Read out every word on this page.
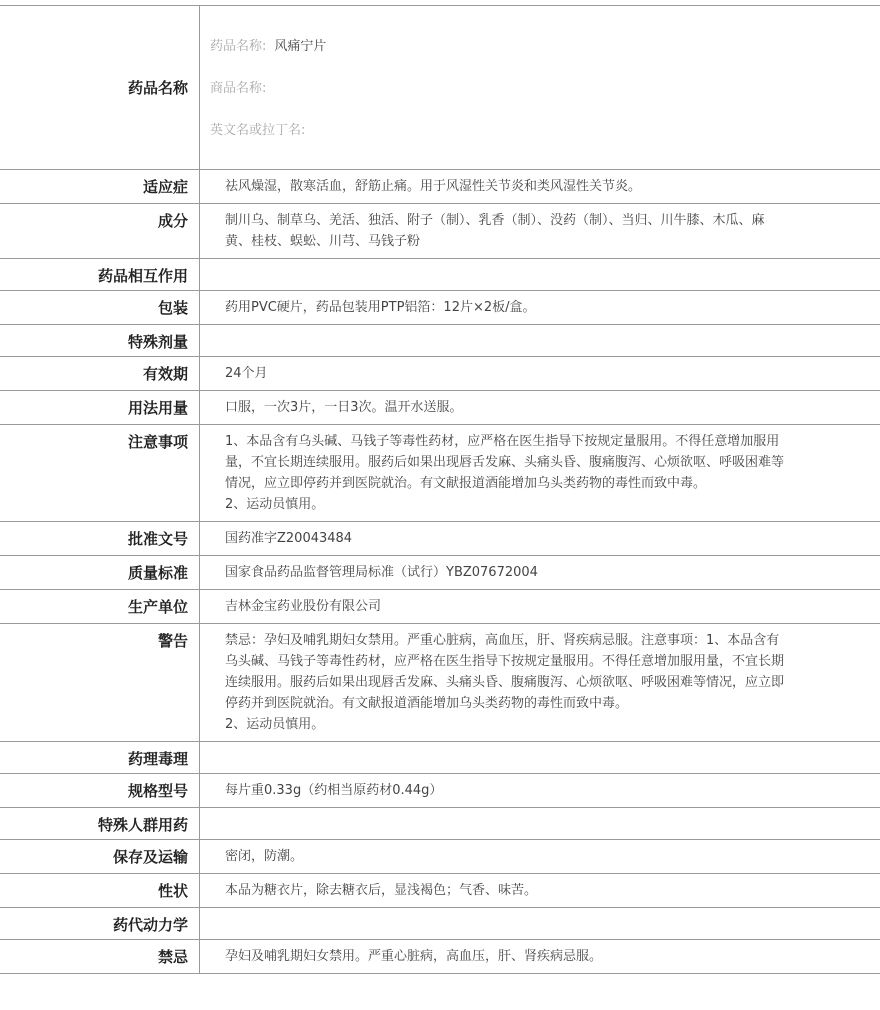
药品名称

药品名称: 风痛宁片

商品名称:

英文名或拉丁名:

适应症	祛风燥湿，散寒活血，舒筋止痛。用于风湿性关节炎和类风湿性关节炎。
成分	制川乌、制草乌、羌活、独活、附子（制）、乳香（制）、没药（制）、当归、川牛膝、木瓜、麻黄、桂枝、蜈蚣、川芎、马钱子粉
药品相互作用
包装	药用PVC硬片，药品包装用PTP铝箔：12片×2板/盒。
特殊剂量
有效期	24个月
用法用量	口服，一次3片，一日3次。温开水送服。
注意事项	1、本品含有乌头碱、马钱子等毒性药材，应严格在医生指导下按规定量服用。不得任意增加服用量，不宜长期连续服用。服药后如果出现唇舌发麻、头痛头昏、腹痛腹泻、心烦欲呕、呼吸困难等情况，应立即停药并到医院就治。有文献报道酒能增加乌头类药物的毒性而致中毒。
2、运动员慎用。
批准文号	国药准字Z20043484
质量标准	国家食品药品监督管理局标准（试行）YBZ07672004
生产单位	吉林金宝药业股份有限公司
警告	禁忌：孕妇及哺乳期妇女禁用。严重心脏病，高血压，肝、肾疾病忌服。注意事项：1、本品含有乌头碱、马钱子等毒性药材，应严格在医生指导下按规定量服用。不得任意增加服用量，不宜长期连续服用。服药后如果出现唇舌发麻、头痛头昏、腹痛腹泻、心烦欲呕、呼吸困难等情况，应立即停药并到医院就治。有文献报道酒能增加乌头类药物的毒性而致中毒。
2、运动员慎用。
药理毒理
规格型号	每片重0.33g（约相当原药材0.44g）
特殊人群用药
保存及运输	密闭，防潮。
性状	本品为糖衣片，除去糖衣后，显浅褐色；气香、味苦。
药代动力学
禁忌	孕妇及哺乳期妇女禁用。严重心脏病，高血压，肝、肾疾病忌服。
